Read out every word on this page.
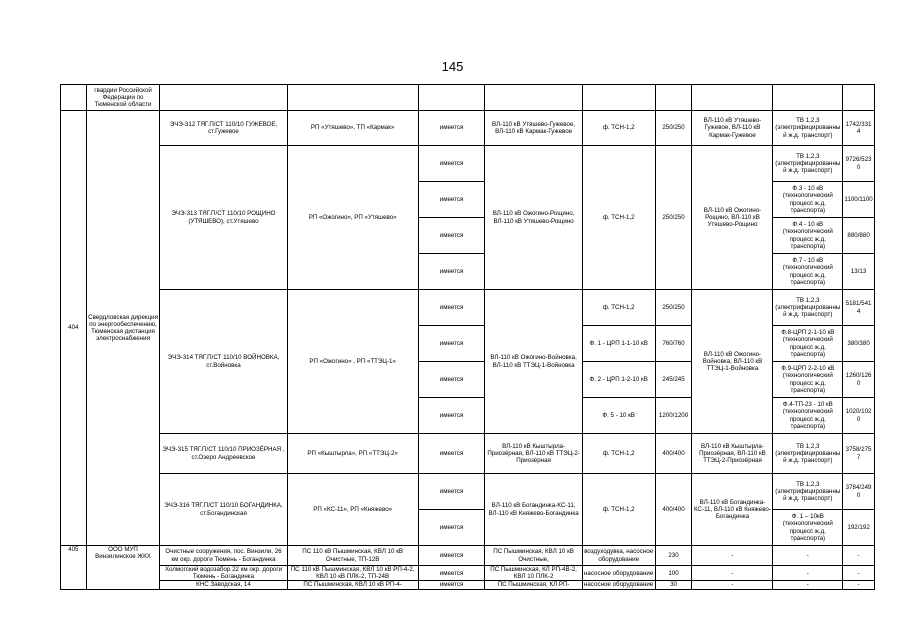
145
	гвардии Российской Федерации по Тюменской области									
404	Свердловская дирекция по энергообеспечению, Тюменская дистанция электроснабжения	ЭЧЭ-312 ТЯГ.П/СТ 110/10 ГУЖЕВОЕ, ст.Гужевое	РП «Утяшево», ТП «Кармак»	имеется	ВЛ-110 кВ Утяшево-Гужевое, ВЛ-110 кВ Кармак-Гужевое	ф. ТСН-1,2	250/250	ВЛ-110 кВ Утяшево-Гужевое, ВЛ-110 кВ Кармак-Гужевое	ТВ 1,2,3 (электрифицированный ж.д. транспорт)	1742/3314
		ЭЧЭ-313 ТЯГ.П/СТ 110/10 РОЩИНО (УТЯШЕВО), ст.Утяшево	РП «Ожогино», РП «Утяшево»	имеется	ВЛ-110 кВ Ожогино-Рощино, ВЛ-110 кВ Утяшево-Рощино	ф. ТСН-1,2	250/250	ВЛ-110 кВ Ожогино-Рощино, ВЛ-110 кВ Утяшево-Рощино	ТВ 1,2,3 (электрифицированный ж.д. транспорт)	9726/5230
				имеется					Ф.3 - 10 кВ (технологический процесс ж.д. транспорта)	1100/1100
				имеется					Ф.4 - 10 кВ (технологический процесс ж.д. транспорта)	880/880
				имеется					Ф.7 - 10 кВ (технологический процесс ж.д. транспорта)	13/13
		ЭЧЭ-314 ТЯГ.П/СТ 110/10 ВОЙНОВКА, ст.Войновка	РП «Ожогино» , РП «ТТЭЦ-1»	имеется	ВЛ-110 кВ Ожогино-Войновка, ВЛ-110 кВ ТТЭЦ-1-Войновка	ф. ТСН-1,2	250/250	ВЛ-110 кВ Ожогино-Войновка, ВЛ-110 кВ ТТЭЦ-1-Войновка	ТВ 1,2,3 (электрифицированный ж.д. транспорт)	5181/5414
				имеется		Ф. 1 - ЦРП 1-1-10 кВ	760/760		Ф.8-ЦРП 2-1-10 кВ (технологический процесс ж.д. транспорта)	380/380
				имеется		Ф. 2 - ЦРП 1-2-10 кВ	245/245		Ф.9-ЦРП 2-2-10 кВ (технологический процесс ж.д. транспорта)	1260/1260
				имеется		Ф. 5 - 10 кВ	1200/1200		Ф.4-ТП-23 - 10 кВ (технологический процесс ж.д. транспорта)	1020/1020
		ЭЧЭ-315 ТЯГ.П/СТ 110/10 ПРИОЗЁРНАЯ , ст.Озеро Андреевское	РП «Кыштырла», РП «ТТЭЦ-2»	имеется	ВЛ-110 кВ Кыштырла-Приозёрная, ВЛ-110 кВ ТТЭЦ-2-Приозёрная	ф. ТСН-1,2	400/400	ВЛ-110 кВ Кыштырла-Приозёрная, ВЛ-110 кВ ТТЭЦ-2-Приозёрная	ТВ 1,2,3 (электрифицированный ж.д. транспорт)	3758/2757
		ЭЧЭ-316 ТЯГ.П/СТ 110/10 БОГАНДИНКА, ст.Богандинская	РП «КС-11», РП «Княжево»	имеется	ВЛ-110 кВ Богандинка-КС-11, ВЛ-110 кВ Княжево-Богандинка	ф. ТСН-1,2	400/400	ВЛ-110 кВ Богандинка-КС-11, ВЛ-110 кВ Княжево-Богандинка	ТВ 1,2,3 (электрифицированный ж.д. транспорт)	3784/2490
				имеется					Ф. 1 – 10кВ (технологический процесс ж.д. транспорта)	192/192
405	ООО МУП Винзилинское ЖКХ	Очистные сооружения, пос. Винзили, 26 км окр. дороги Тюмень - Богандинка	ПС 110 кВ Пышминская, КВЛ 10 кВ Очистные, ТП-12В	имеется	ПС Пышминская, КВЛ 10 кВ Очистные,	воздуходувка, насосное оборудование	230	-	-	-
		Холмогский водозабор 22 км окр. дороги Тюмень - Богандинка	ПС 110 кВ Пышминская, КВЛ 10 кВ РП-4-2, КВЛ 10 кВ ПЛК-2, ТП-24В	имеется	ПС Пышминская, КЛ РП-4В-2, КВЛ 10 ПЛК-2	насосное оборудование	100	-	-	-
		КНС Заводская, 14	ПС Пышминская, КВЛ 10 кВ РП-4-	имеется	ПС Пышминская, КЛ РП-	насосное оборудование	30	-	-	-
